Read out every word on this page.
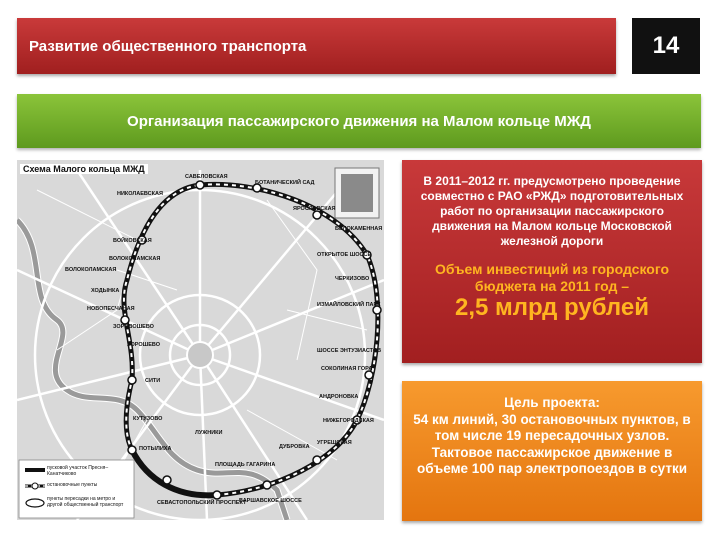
Развитие общественного транспорта	14
Организация пассажирского движения на Малом кольце МЖД
Схема Малого кольца МЖД
НИКОЛАЕВСКАЯ
САВЕЛОВСКАЯ
БОТАНИЧЕСКИЙ САД
ВОЙКОВСКАЯ
ЯРОСЛАВСКАЯ
ВОЛОКОЛАМСКАЯ
ВОЛОКОЛАМСКАЯ
ХОДЫНКА
НОВОПЕСЧАНАЯ
БЕЛОКАМЕННАЯ
ОТКРЫТОЕ ШОССЕ
ЧЕРКИЗОВО
ИЗМАЙЛОВСКИЙ ПАРК
ЗОРОВОШЕВО
ШОССЕ ЭНТУЗИАСТОВ
СОКОЛИНАЯ ГОРА
АНДРОНОВКА
НИЖЕГОРОДСКАЯ
УГРЕШСКАЯ
ДУБРОВКА
ЛУЖНИКИ
ПЛОЩАДЬ ГАГАРИНА
СЕВАСТОПОЛЬСКИЙ ПРОСПЕКТ
ВАРШАВСКОЕ ШОССЕ
КУТУЗОВО
ПОТЫЛИХА
СИТИ
ХОРОШЕВО
пусковой участок Пресня–Канатчиково
остановочные пункты
пункты пересадки на метро и другой общественный транспорт
В 2011–2012 гг. предусмотрено проведение совместно с РАО «РЖД» подготовительных работ по организации пассажирского движения на Малом кольце Московской железной дороги
Объем инвестиций из городского бюджета на 2011 год –
2,5 млрд рублей
Цель проекта:
54 км линий, 30 остановочных пунктов, в том числе 19 пересадочных узлов. Тактовое пассажирское движение в объеме 100 пар электропоездов в сутки
